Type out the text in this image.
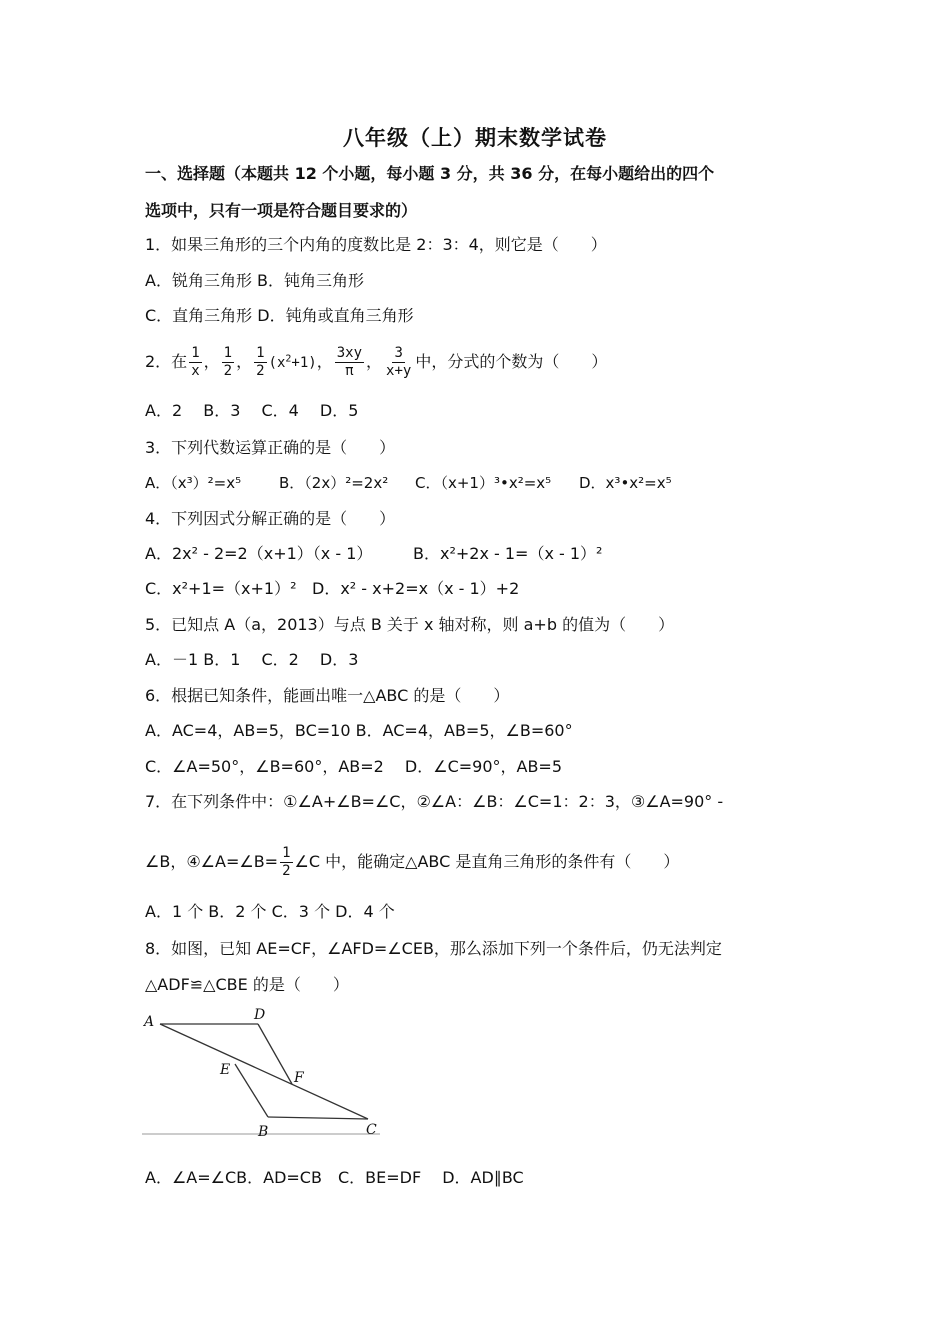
八年级（上）期末数学试卷
一、选择题（本题共 12 个小题，每小题 3 分，共 36 分，在每小题给出的四个
选项中，只有一项是符合题目要求的）
1．如果三角形的三个内角的度数比是 2：3：4，则它是（　　）
A．锐角三角形 B．钝角三角形
C．直角三角形 D．钝角或直角三角形
2．在 $\frac{1}{x}$ ， $\frac{1}{2}$ ， $\frac{1}{2} (x^2+1)$， $\frac{3xy}{\pi}$ ， $\frac{3}{x+y}$ 中，分式的个数为（　　）
A．2　 B．3　 C．4　 D．5
3．下列代数运算正确的是（　　）
A．（x³）²=x⁵	B．（2x）²=2x² C．（x+1）³•x²=x⁵ D．x³•x²=x⁵
4．下列因式分解正确的是（　　）
A．2x² ‑ 2=2（x+1）（x ‑ 1）	B．x²+2x ‑ 1=（x ‑ 1）²
C．x²+1=（x+1）² D．x² ‑ x+2=x（x ‑ 1）+2
5．已知点 A（a，2013）与点 B 关于 x 轴对称，则 a+b 的值为（　　）
A．－1 B．1　 C．2　 D．3
6．根据已知条件，能画出唯一△ABC 的是（　　）
A．AC=4，AB=5，BC=10 B．AC=4，AB=5，∠B=60°
C．∠A=50°，∠B=60°，AB=2　 D．∠C=90°，AB=5
7．在下列条件中：①∠A+∠B=∠C，②∠A：∠B：∠C=1：2：3，③∠A=90° ‑
∠B，④∠A=∠B= $\frac{1}{2}$ ∠C 中，能确定△ABC 是直角三角形的条件有（　　）
A．1 个 B．2 个 C．3 个 D．4 个
8．如图，已知 AE=CF，∠AFD=∠CEB，那么添加下列一个条件后，仍无法判定
△ADF≌△CBE 的是（　　）
A	D
E	F
B	C
A．∠A=∠CB．AD=CB　C．BE=DF　 D．AD∥BC
